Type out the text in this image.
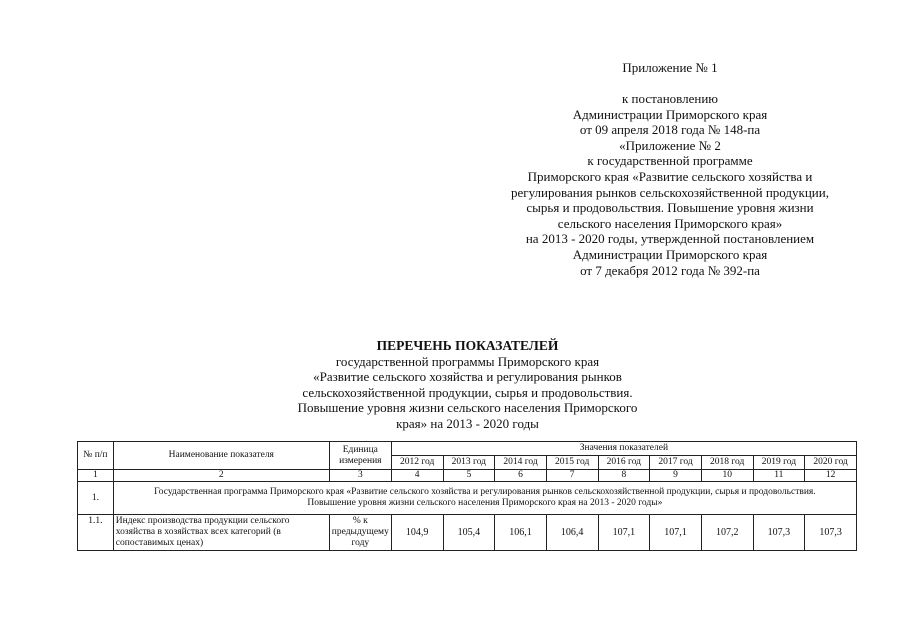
Приложение № 1
к постановлению
Администрации Приморского края
от 09 апреля 2018 года № 148-па
«Приложение № 2
к государственной программе
Приморского края «Развитие сельского хозяйства и
регулирования рынков сельскохозяйственной продукции,
сырья и продовольствия. Повышение уровня жизни
сельского населения Приморского края»
на 2013 - 2020 годы, утвержденной постановлением
Администрации Приморского края
от 7 декабря 2012 года № 392-па
ПЕРЕЧЕНЬ ПОКАЗАТЕЛЕЙ
государственной программы Приморского края
«Развитие сельского хозяйства и регулирования рынков
сельскохозяйственной продукции, сырья и продовольствия.
Повышение уровня жизни сельского населения Приморского
края» на 2013 - 2020 годы
№ п/п	Наименование показателя	Единица измерения	Значения показателей								
			2012 год	2013 год	2014 год	2015 год	2016 год	2017 год	2018 год	2019 год	2020 год
1	2	3	4	5	6	7	8	9	10	11	12
1.	Государственная программа Приморского края «Развитие сельского хозяйства и регулирования рынков сельскохозяйственной продукции, сырья и продовольствия. Повышение уровня жизни сельского населения Приморского края на 2013 - 2020 годы»										
1.1.	Индекс производства продукции сельского хозяйства в хозяйствах всех категорий (в сопоставимых ценах)	% к предыдущему году	104,9	105,4	106,1	106,4	107,1	107,1	107,2	107,3	107,3
